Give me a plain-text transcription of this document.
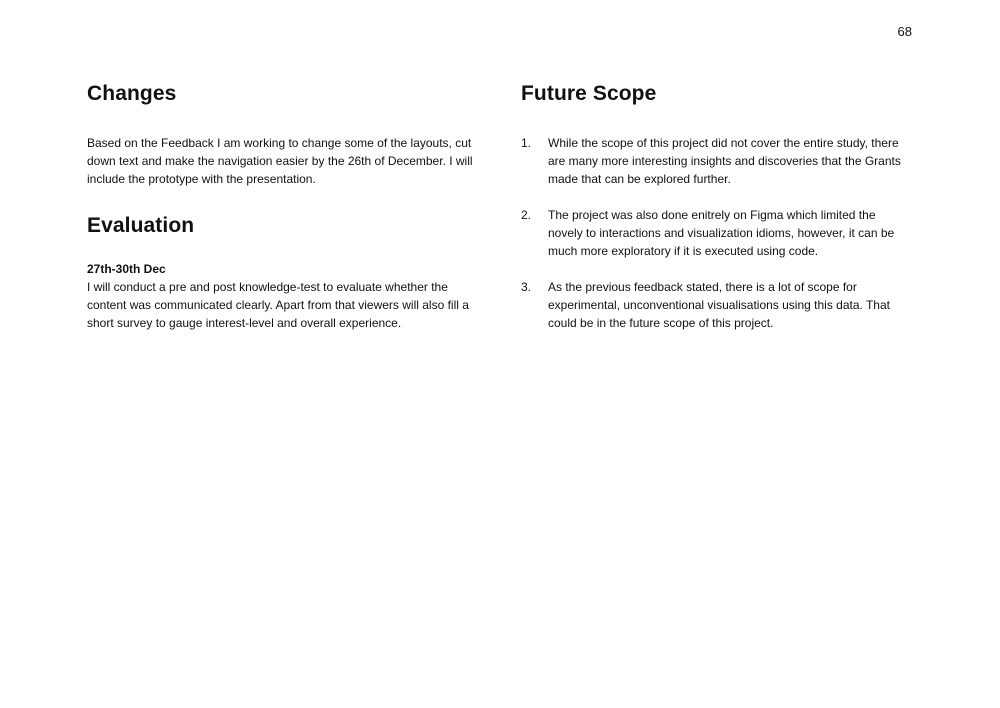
68
Changes

Based on the Feedback I am working to change some of the layouts, cut down text and make the navigation easier by the 26th of December. I will include the prototype with the presentation.

Evaluation
27th-30th Dec

I will conduct a pre and post knowledge-test to evaluate whether the content was communicated clearly. Apart from that viewers will also fill a short survey to gauge interest-level and overall experience.

Future Scope
1. While the scope of this project did not cover the entire study, there are many more interesting insights and discoveries that the Grants made that can be explored further.

2. The project was also done enitrely on Figma which limited the novely to interactions and visualization idioms, however, it can be much more exploratory if it is executed using code.

3. As the previous feedback stated, there is a lot of scope for experimental, unconventional visualisations using this data. That could be in the future scope of this project.
